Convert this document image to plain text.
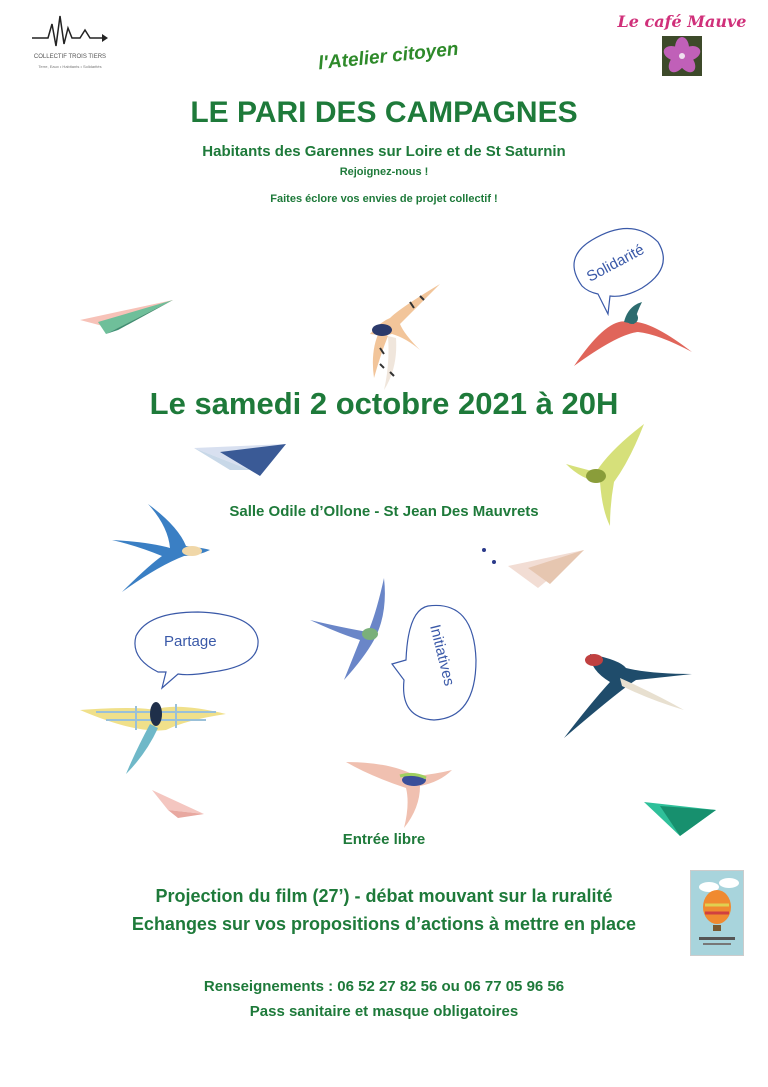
COLLECTIF TROIS TIERS
Terre, Eaux • Habitants • Solidarités	l'Atelier citoyen
Le café Mauve
LE PARI DES CAMPAGNES
Habitants des Garennes sur Loire et de St Saturnin
Rejoignez-nous !
Faites éclore vos envies de projet collectif !
Solidarité
Partage	Initiatives
Le samedi 2 octobre 2021 à 20H
Salle Odile d’Ollone - St Jean Des Mauvrets
Entrée libre
Projection du film (27’) - débat mouvant sur la ruralité
Echanges sur vos propositions d’actions à mettre en place
Renseignements : 06 52 27 82 56 ou 06 77 05 96 56
Pass sanitaire et masque obligatoires
